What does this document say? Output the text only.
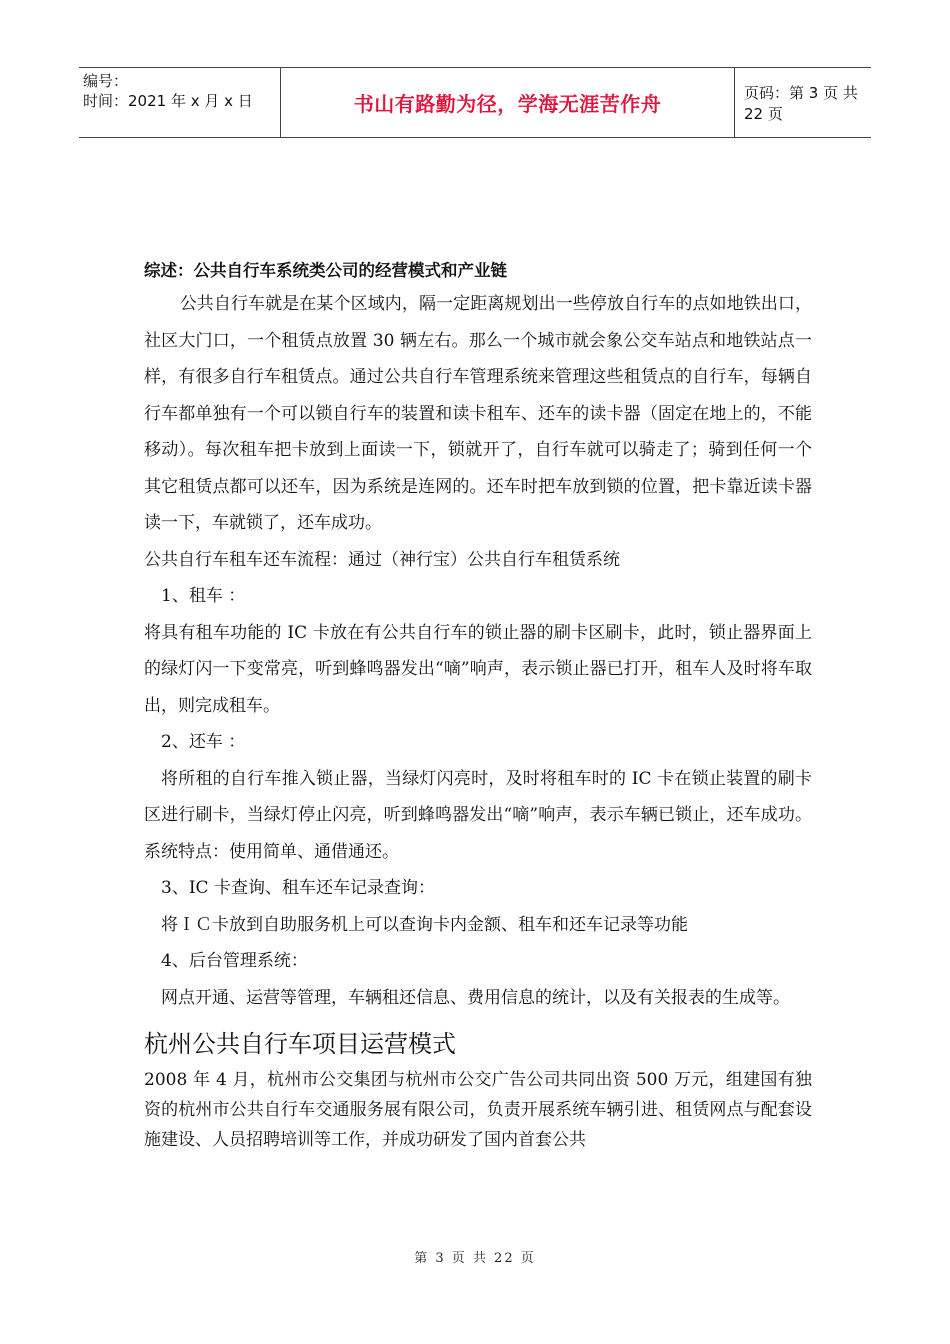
编号：
时间：2021 年 x 月 x 日	书山有路勤为径，学海无涯苦作舟	页码：第 3 页 共 22 页
综述：公共自行车系统类公司的经营模式和产业链

公共自行车就是在某个区域内，隔一定距离规划出一些停放自行车的点如地铁出口，社区大门口，一个租赁点放置 30 辆左右。那么一个城市就会象公交车站点和地铁站点一样，有很多自行车租赁点。通过公共自行车管理系统来管理这些租赁点的自行车，每辆自行车都单独有一个可以锁自行车的装置和读卡租车、还车的读卡器（固定在地上的，不能移动）。每次租车把卡放到上面读一下，锁就开了，自行车就可以骑走了；骑到任何一个其它租赁点都可以还车，因为系统是连网的。还车时把车放到锁的位置，把卡靠近读卡器读一下，车就锁了，还车成功。

公共自行车租车还车流程：通过（神行宝）公共自行车租赁系统

1、租车 ：

将具有租车功能的 IC 卡放在有公共自行车的锁止器的刷卡区刷卡，此时，锁止器界面上的绿灯闪一下变常亮，听到蜂鸣器发出“嘀”响声，表示锁止器已打开，租车人及时将车取出，则完成租车。

2、还车 ：

将所租的自行车推入锁止器，当绿灯闪亮时，及时将租车时的 IC 卡在锁止装置的刷卡区进行刷卡，当绿灯停止闪亮，听到蜂鸣器发出“嘀”响声，表示车辆已锁止，还车成功。系统特点：使用简单、通借通还。

3、IC 卡查询、租车还车记录查询：

将ＩＣ卡放到自助服务机上可以查询卡内金额、租车和还车记录等功能

4、后台管理系统：

网点开通、运营等管理，车辆租还信息、费用信息的统计，以及有关报表的生成等。

杭州公共自行车项目运营模式

2008 年 4 月，杭州市公交集团与杭州市公交广告公司共同出资 500 万元，组建国有独资的杭州市公共自行车交通服务展有限公司，负责开展系统车辆引进、租赁网点与配套设施建设、人员招聘培训等工作，并成功研发了国内首套公共

第 3 页 共 22 页
